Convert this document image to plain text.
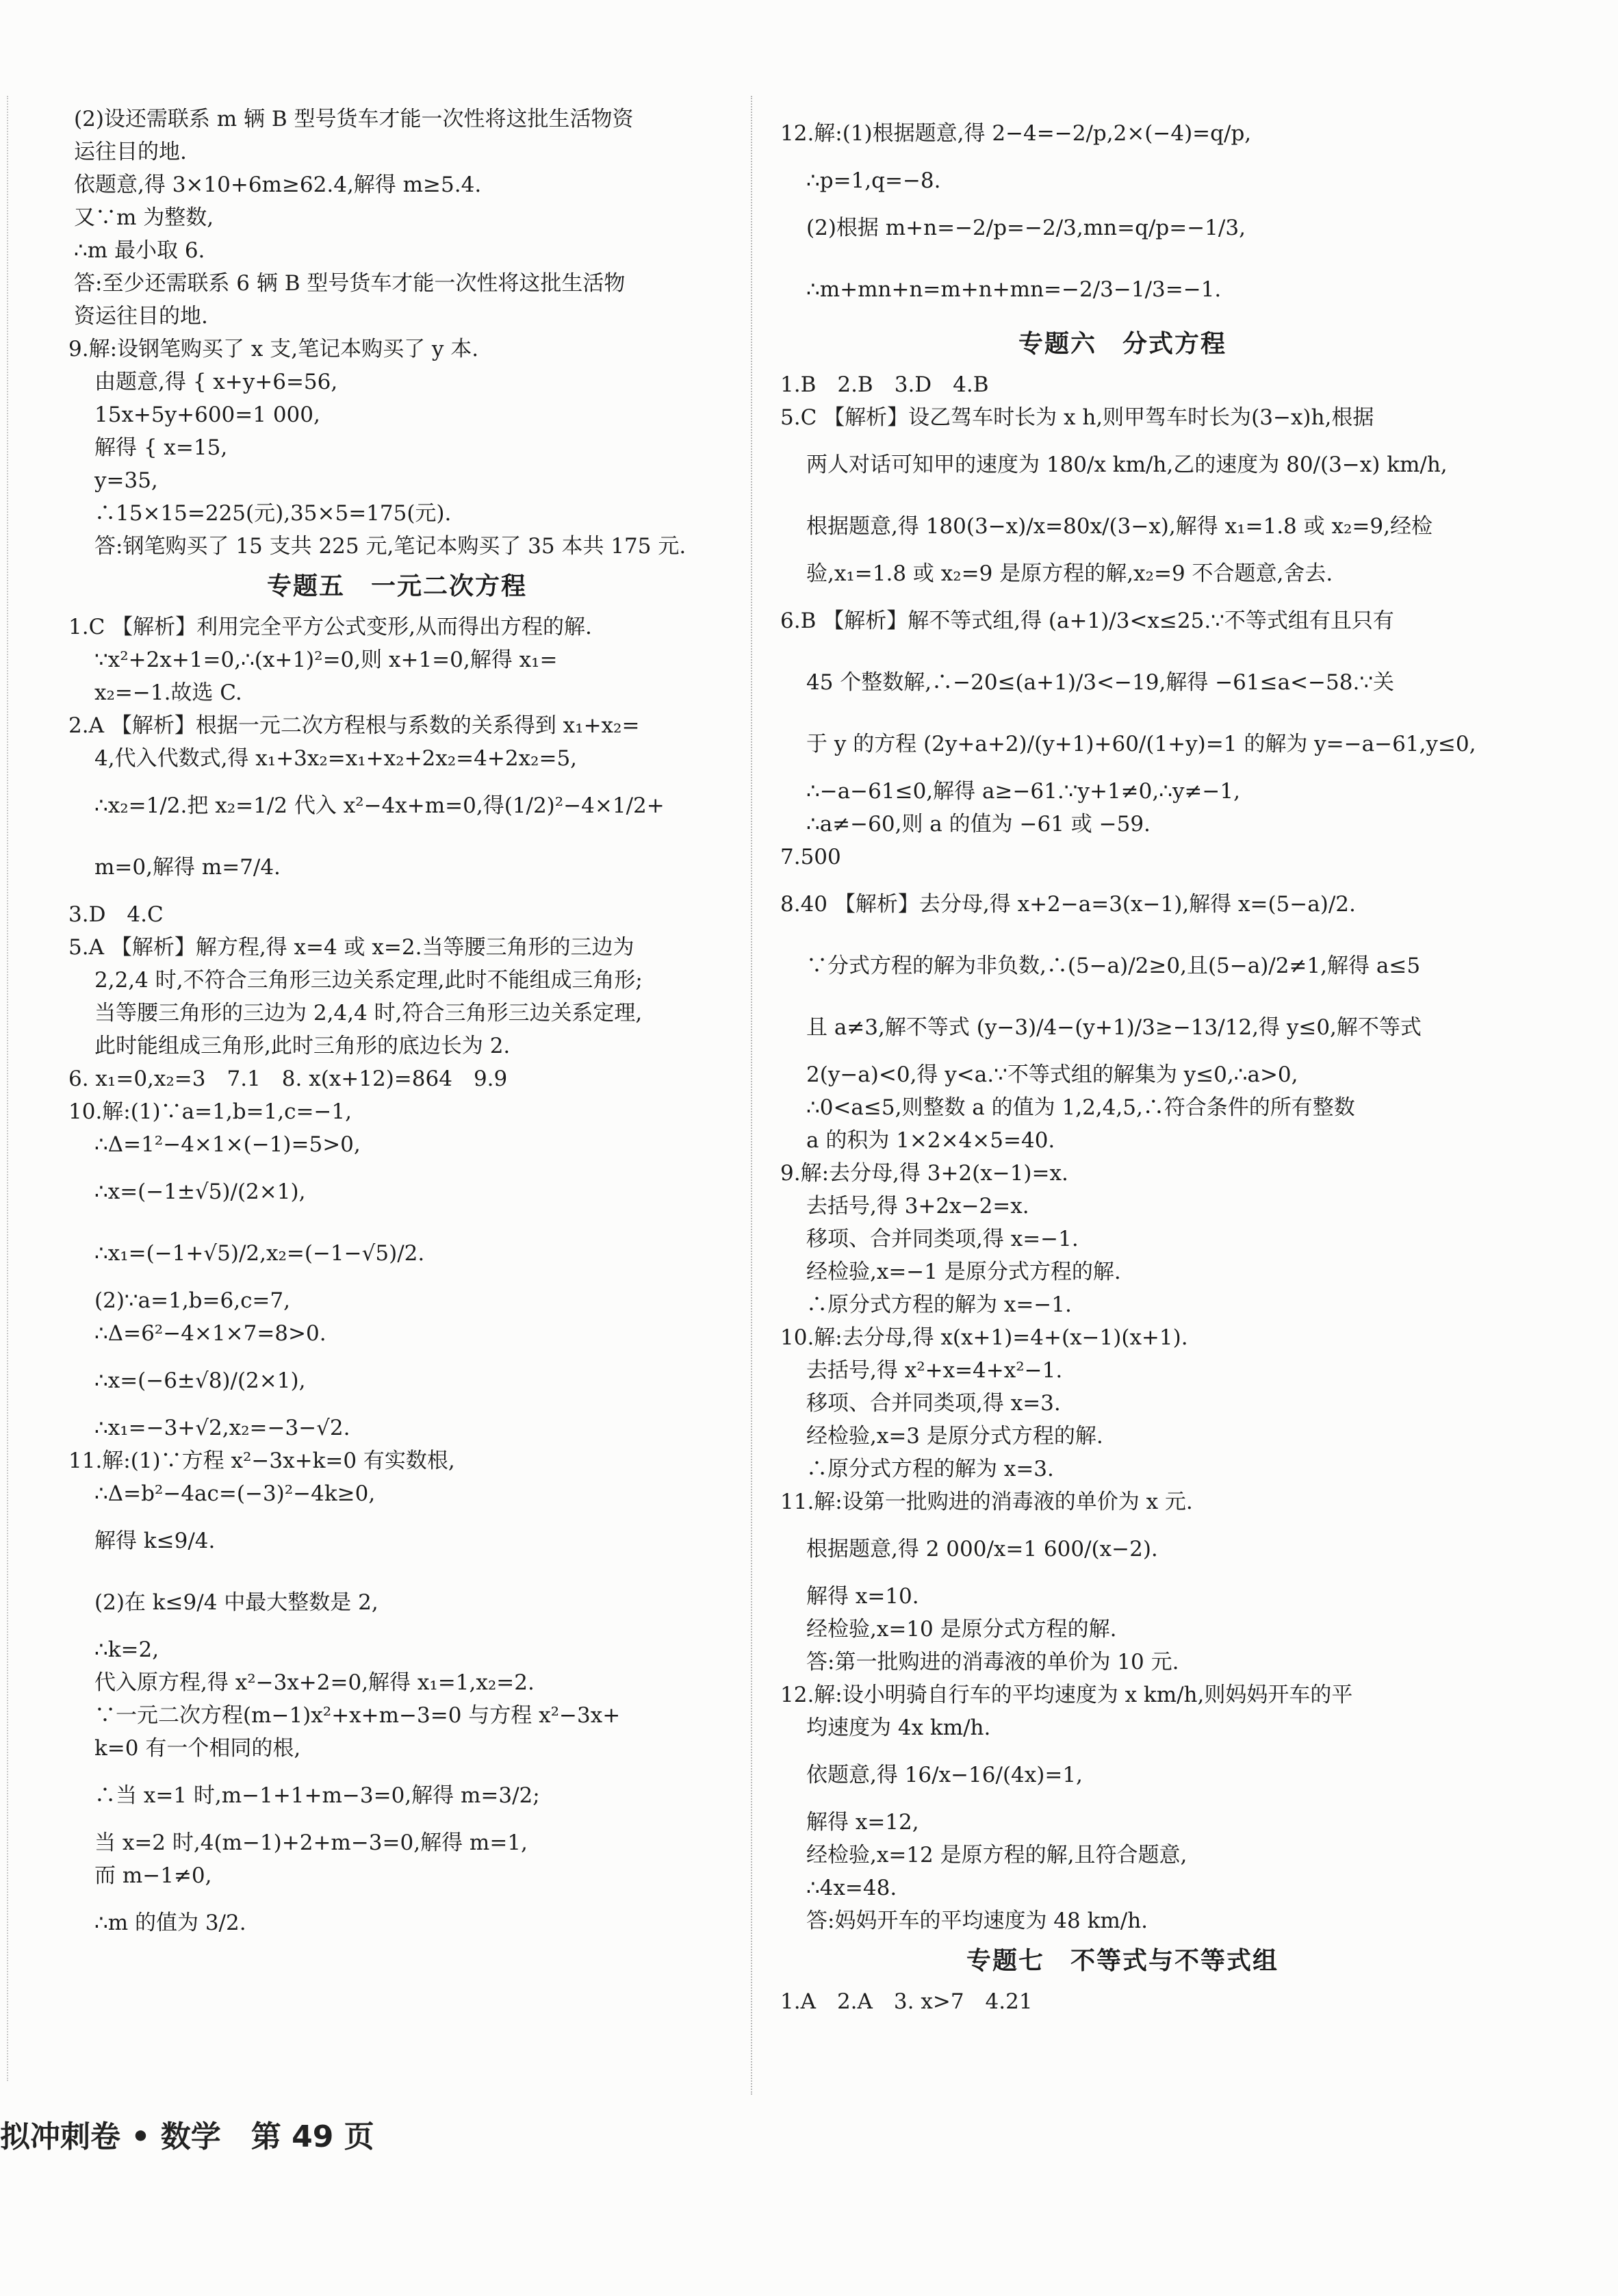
(2)设还需联系 m 辆 B 型号货车才能一次性将这批生活物资
运往目的地.
依题意,得 3×10+6m≥62.4,解得 m≥5.4.
又∵m 为整数,
∴m 最小取 6.
答:至少还需联系 6 辆 B 型号货车才能一次性将这批生活物
资运往目的地.
9.解:设钢笔购买了 x 支,笔记本购买了 y 本.
由题意,得 { x+y+6=56,
15x+5y+600=1 000,
解得 { x=15,
y=35,
∴15×15=225(元),35×5=175(元).
答:钢笔购买了 15 支共 225 元,笔记本购买了 35 本共 175 元.
专题五　一元二次方程
1.C 【解析】利用完全平方公式变形,从而得出方程的解.
∵x²+2x+1=0,∴(x+1)²=0,则 x+1=0,解得 x₁=
x₂=−1.故选 C.
2.A 【解析】根据一元二次方程根与系数的关系得到 x₁+x₂=
4,代入代数式,得 x₁+3x₂=x₁+x₂+2x₂=4+2x₂=5,
∴x₂=1/2.把 x₂=1/2 代入 x²−4x+m=0,得(1/2)²−4×1/2+
m=0,解得 m=7/4.
3.D　4.C
5.A 【解析】解方程,得 x=4 或 x=2.当等腰三角形的三边为
2,2,4 时,不符合三角形三边关系定理,此时不能组成三角形;
当等腰三角形的三边为 2,4,4 时,符合三角形三边关系定理,
此时能组成三角形,此时三角形的底边长为 2.
6. x₁=0,x₂=3　7.1　8. x(x+12)=864　9.9
10.解:(1)∵a=1,b=1,c=−1,
∴Δ=1²−4×1×(−1)=5>0,
∴x=(−1±√5)/(2×1),
∴x₁=(−1+√5)/2,x₂=(−1−√5)/2.
(2)∵a=1,b=6,c=7,
∴Δ=6²−4×1×7=8>0.
∴x=(−6±√8)/(2×1),
∴x₁=−3+√2,x₂=−3−√2.
11.解:(1)∵方程 x²−3x+k=0 有实数根,
∴Δ=b²−4ac=(−3)²−4k≥0,
解得 k≤9/4.
(2)在 k≤9/4 中最大整数是 2,
∴k=2,
代入原方程,得 x²−3x+2=0,解得 x₁=1,x₂=2.
∵一元二次方程(m−1)x²+x+m−3=0 与方程 x²−3x+
k=0 有一个相同的根,
∴当 x=1 时,m−1+1+m−3=0,解得 m=3/2;
当 x=2 时,4(m−1)+2+m−3=0,解得 m=1,
而 m−1≠0,
∴m 的值为 3/2.
12.解:(1)根据题意,得 2−4=−2/p,2×(−4)=q/p,
∴p=1,q=−8.
(2)根据 m+n=−2/p=−2/3,mn=q/p=−1/3,
∴m+mn+n=m+n+mn=−2/3−1/3=−1.
专题六　分式方程
1.B　2.B　3.D　4.B
5.C 【解析】设乙驾车时长为 x h,则甲驾车时长为(3−x)h,根据
两人对话可知甲的速度为 180/x km/h,乙的速度为 80/(3−x) km/h,
根据题意,得 180(3−x)/x=80x/(3−x),解得 x₁=1.8 或 x₂=9,经检
验,x₁=1.8 或 x₂=9 是原方程的解,x₂=9 不合题意,舍去.
6.B 【解析】解不等式组,得 (a+1)/3<x≤25.∵不等式组有且只有
45 个整数解,∴−20≤(a+1)/3<−19,解得 −61≤a<−58.∵关
于 y 的方程 (2y+a+2)/(y+1)+60/(1+y)=1 的解为 y=−a−61,y≤0,
∴−a−61≤0,解得 a≥−61.∵y+1≠0,∴y≠−1,
∴a≠−60,则 a 的值为 −61 或 −59.
7.500
8.40 【解析】去分母,得 x+2−a=3(x−1),解得 x=(5−a)/2.
∵分式方程的解为非负数,∴(5−a)/2≥0,且(5−a)/2≠1,解得 a≤5
且 a≠3,解不等式 (y−3)/4−(y+1)/3≥−13/12,得 y≤0,解不等式
2(y−a)<0,得 y<a.∵不等式组的解集为 y≤0,∴a>0,
∴0<a≤5,则整数 a 的值为 1,2,4,5,∴符合条件的所有整数
a 的积为 1×2×4×5=40.
9.解:去分母,得 3+2(x−1)=x.
去括号,得 3+2x−2=x.
移项、合并同类项,得 x=−1.
经检验,x=−1 是原分式方程的解.
∴原分式方程的解为 x=−1.
10.解:去分母,得 x(x+1)=4+(x−1)(x+1).
去括号,得 x²+x=4+x²−1.
移项、合并同类项,得 x=3.
经检验,x=3 是原分式方程的解.
∴原分式方程的解为 x=3.
11.解:设第一批购进的消毒液的单价为 x 元.
根据题意,得 2 000/x=1 600/(x−2).
解得 x=10.
经检验,x=10 是原分式方程的解.
答:第一批购进的消毒液的单价为 10 元.
12.解:设小明骑自行车的平均速度为 x km/h,则妈妈开车的平
均速度为 4x km/h.
依题意,得 16/x−16/(4x)=1,
解得 x=12,
经检验,x=12 是原方程的解,且符合题意,
∴4x=48.
答:妈妈开车的平均速度为 48 km/h.
专题七　不等式与不等式组
1.A　2.A　3. x>7　4.21
拟冲刺卷 • 数学　第 49 页
